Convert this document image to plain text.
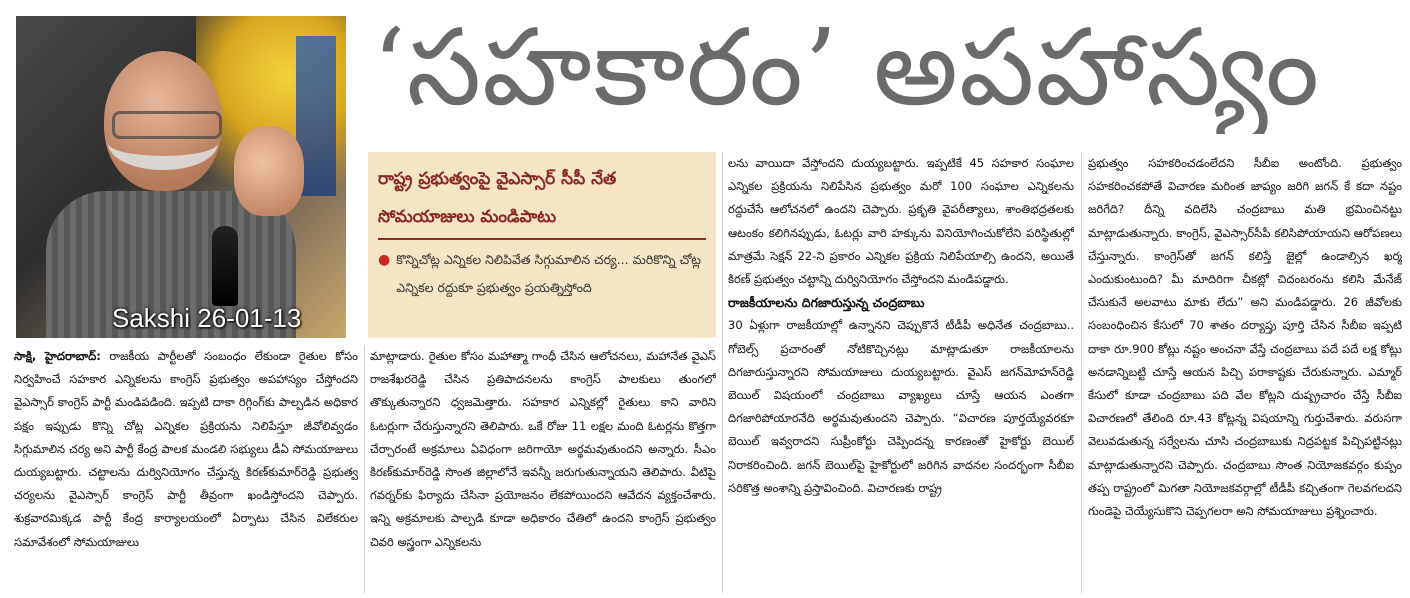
Sakshi 26-01-13
‘సహకారం’ అపహాస్యం
రాష్ట్ర ప్రభుత్వంపై వైఎస్సార్ సీపీ నేత సోమయాజులు మండిపాటు
● కొన్నిచోట్ల ఎన్నికల నిలిపివేత సిగ్గుమాలిన చర్య... మరికొన్ని చోట్ల ఎన్నికల రద్దుకూ ప్రభుత్వం ప్రయత్నిస్తోంది

సాక్షి, హైదరాబాద్: రాజకీయ పార్టీలతో సంబంధం లేకుండా రైతుల కోసం నిర్వహించే సహకార ఎన్నికలను కాంగ్రెస్ ప్రభుత్వం అపహాస్యం చేస్తోందని వైఎస్సార్ కాంగ్రెస్ పార్టీ మండిపడింది. ఇప్పటి దాకా రిగ్గింగ్‌కు పాల్పడిన అధికార పక్షం ఇప్పుడు కొన్ని చోట్ల ఎన్నికల ప్రక్రియను నిలిపేస్తూ జీవోలివ్వడం సిగ్గుమాలిన చర్య అని పార్టీ కేంద్ర పాలక మండలి సభ్యులు డీఏ సోమయాజులు దుయ్యబట్టారు. చట్టాలను దుర్వినియోగం చేస్తున్న కిరణ్‌కుమార్‌రెడ్డి ప్రభుత్వ చర్యలను వైఎస్సార్ కాంగ్రెస్ పార్టీ తీవ్రంగా ఖండిస్తోందని చెప్పారు. శుక్రవారమిక్కడ పార్టీ కేంద్ర కార్యాలయంలో ఏర్పాటు చేసిన విలేకరుల సమావేశంలో సోమయాజులు

మాట్లాడారు. రైతుల కోసం మహాత్మా గాంధీ చేసిన ఆలోచనలు, మహానేత వైఎస్ రాజశేఖరరెడ్డి చేసిన ప్రతిపాదనలను కాంగ్రెస్ పాలకులు తుంగలో తొక్కుతున్నారని ధ్వజమెత్తారు. సహకార ఎన్నికల్లో రైతులు కాని వారిని ఓటర్లుగా చేరుస్తున్నారని తెలిపారు. ఒకే రోజు 11 లక్షల మంది ఓటర్లను కొత్తగా చేర్చారంటే అక్రమాలు ఏవిధంగా జరిగాయో అర్థమవుతుందని అన్నారు. సీఎం కిరణ్‌కుమార్‌రెడ్డి సొంత జిల్లాలోనే ఇవన్నీ జరుగుతున్నాయని తెలిపారు. వీటిపై గవర్నర్‌కు ఫిర్యాదు చేసినా ప్రయోజనం లేకపోయిందని ఆవేదన వ్యక్తంచేశారు. ఇన్ని అక్రమాలకు పాల్పడి కూడా అధికారం చేతిలో ఉందని కాంగ్రెస్ ప్రభుత్వం చివరి అస్త్రంగా ఎన్నికలను

లను వాయిదా వేస్తోందని దుయ్యబట్టారు. ఇప్పటికే 45 సహకార సంఘాల ఎన్నికల ప్రక్రియను నిలిపేసిన ప్రభుత్వం మరో 100 సంఘాల ఎన్నికలను రద్దుచేసే ఆలోచనలో ఉందని చెప్పారు. ప్రకృతి వైపరీత్యాలు, శాంతిభద్రతలకు ఆటంకం కలిగినప్పుడు, ఓటర్లు వారి హక్కును వినియోగించుకోలేని పరిస్థితుల్లో మాత్రమే సెక్షన్ 22-ని ప్రకారం ఎన్నికల ప్రక్రియ నిలిపేయాల్సి ఉందని, అయితే కిరణ్ ప్రభుత్వం చట్టాన్ని దుర్వినియోగం చేస్తోందని మండిపడ్డారు.

రాజకీయాలను దిగజారుస్తున్న చంద్రబాబు

30 ఏళ్లుగా రాజకీయాల్లో ఉన్నానని చెప్పుకొనే టీడీపీ అధినేత చంద్రబాబు.. గోబెల్స్ ప్రచారంతో నోటికొచ్చినట్లు మాట్లాడుతూ రాజకీయాలను దిగజారుస్తున్నారని సోమయాజులు దుయ్యబట్టారు. వైఎస్ జగన్‌మోహన్‌రెడ్డి బెయిల్ విషయంలో చంద్రబాబు వ్యాఖ్యలు చూస్తే ఆయన ఎంతగా దిగజారిపోయారనేది అర్థమవుతుందని చెప్పారు. “విచారణ పూర్తయ్యేవరకూ బెయిల్ ఇవ్వరాదని సుప్రీంకోర్టు చెప్పిందన్న కారణంతో హైకోర్టు బెయిల్ నిరాకరించింది. జగన్ బెయిల్‌పై హైకోర్టులో జరిగిన వాదనల సందర్భంగా సీబీఐ సరికొత్త అంశాన్ని ప్రస్తావించింది. విచారణకు రాష్ట్ర

ప్రభుత్వం సహకరించడంలేదని సీబీఐ అంటోంది. ప్రభుత్వం సహకరించకపోతే విచారణ మరింత జాప్యం జరిగి జగన్ కే కదా నష్టం జరిగేది? దీన్ని వదిలేసి చంద్రబాబు మతి భ్రమించినట్టు మాట్లాడుతున్నారు. కాంగ్రెస్, వైఎస్సార్‌సీపీ కలిసిపోయాయని ఆరోపణలు చేస్తున్నారు. కాంగ్రెస్‌తో జగన్ కలిస్తే జైల్లో ఉండాల్సిన ఖర్మ ఎందుకుంటుంది? మీ మాదిరిగా చీకట్లో చిదంబరంను కలిసి మేనేజ్ చేసుకునే అలవాటు మాకు లేదు” అని మండిపడ్డారు. 26 జీవోలకు సంబంధించిన కేసులో 70 శాతం దర్యాప్తు పూర్తి చేసిన సీబీఐ ఇప్పటి దాకా రూ.900 కోట్లు నష్టం అంచనా వేస్తే చంద్రబాబు పదే పదే లక్ష కోట్లు అనడాన్నిబట్టి చూస్తే ఆయన పిచ్చి పరాకాష్టకు చేరుకున్నారు. ఎమ్మార్ కేసులో కూడా చంద్రబాబు పది వేల కోట్లని దుష్ప్రచారం చేస్తే సీబీఐ విచారణలో తేలింది రూ.43 కోట్లన్న విషయాన్ని గుర్తుచేశారు. వరుసగా వెలువడుతున్న సర్వేలను చూసి చంద్రబాబుకు నిద్రపట్టక పిచ్చిపట్టినట్లు మాట్లాడుతున్నారని చెప్పారు. చంద్రబాబు సొంత నియోజకవర్గం కుప్పం తప్ప రాష్ట్రంలో మిగతా నియోజకవర్గాల్లో టీడీపీ కచ్చితంగా గెలవగలదని గుండెపై చెయ్యేసుకొని చెప్పగలరా అని సోమయాజులు ప్రశ్నించారు.
